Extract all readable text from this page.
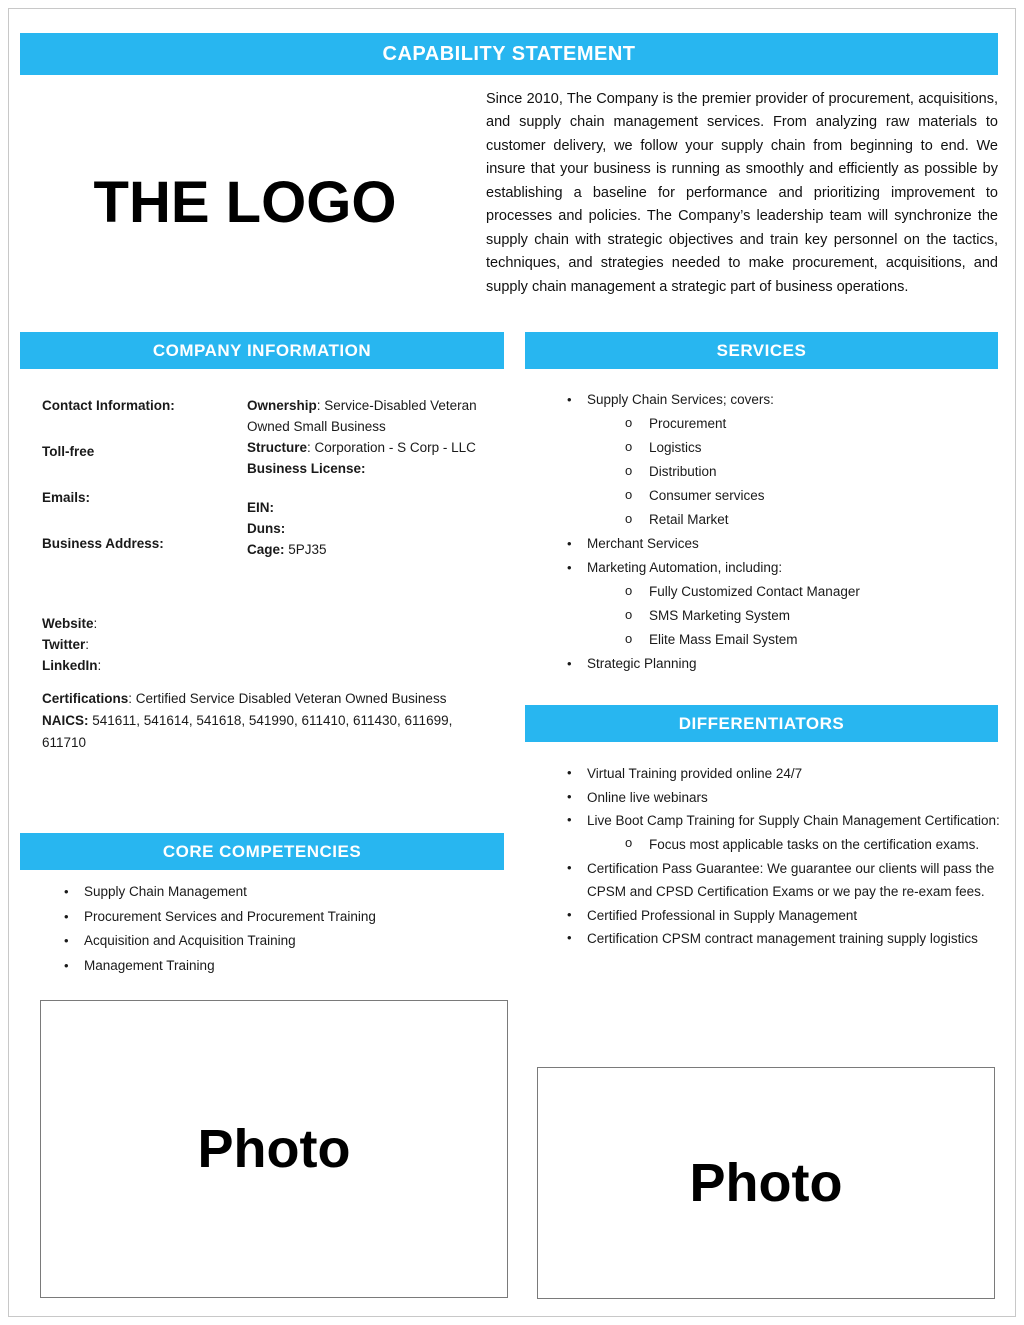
CAPABILITY STATEMENT
THE LOGO
Since 2010, The Company is the premier provider of procurement, acquisitions, and supply chain management services. From analyzing raw materials to customer delivery, we follow your supply chain from beginning to end. We insure that your business is running as smoothly and efficiently as possible by establishing a baseline for performance and prioritizing improvement to processes and policies. The Company’s leadership team will synchronize the supply chain with strategic objectives and train key personnel on the tactics, techniques, and strategies needed to make procurement, acquisitions, and supply chain management a strategic part of business operations.
COMPANY INFORMATION
Contact Information:
Toll-free
Emails:
Business Address:
Ownership: Service-Disabled Veteran Owned Small Business
Structure: Corporation - S Corp - LLC
Business License:
EIN:
Duns:
Cage: 5PJ35
Website:
Twitter:
LinkedIn:
Certifications: Certified Service Disabled Veteran Owned Business
NAICS: 541611, 541614, 541618, 541990, 611410, 611430, 611699, 611710
SERVICES
• Supply Chain Services; covers:
o Procurement
o Logistics
o Distribution
o Consumer services
o Retail Market
• Merchant Services
• Marketing Automation, including:
o Fully Customized Contact Manager
o SMS Marketing System
o Elite Mass Email System
• Strategic Planning
DIFFERENTIATORS
• Virtual Training provided online 24/7
• Online live webinars
• Live Boot Camp Training for Supply Chain Management Certification:
o Focus most applicable tasks on the certification exams.
• Certification Pass Guarantee: We guarantee our clients will pass the CPSM and CPSD Certification Exams or we pay the re-exam fees.
• Certified Professional in Supply Management
• Certification CPSM contract management training supply logistics
CORE COMPETENCIES
• Supply Chain Management
• Procurement Services and Procurement Training
• Acquisition and Acquisition Training
• Management Training
Photo
Photo
